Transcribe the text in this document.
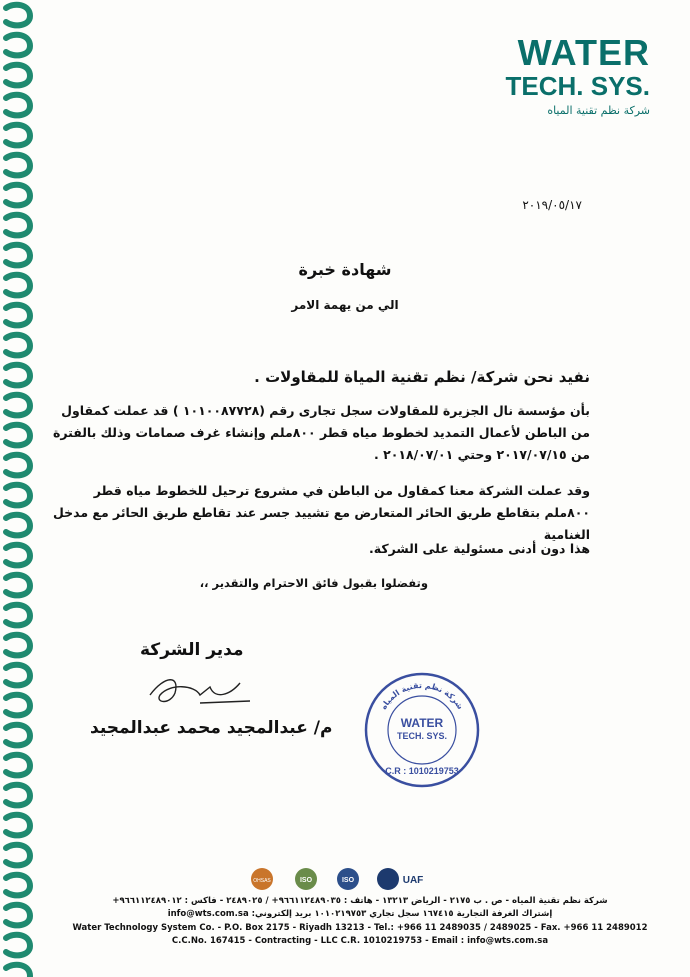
WATER
TECH. SYS.
شركة نظم تقنية المياه
٢٠١٩/٠٥/١٧
شهادة خبرة
الي من يهمة الامر
نفيد نحن شركة/ نظم تقنية المياة للمقاولات .
بأن مؤسسة نال الجزيرة للمقاولات سجل تجارى رقم (١٠١٠٠٨٧٧٢٨ ) قد عملت كمقاول من الباطن لأعمال التمديد لخطوط مياه قطر ٨٠٠ملم وإنشاء غرف صمامات وذلك بالفترة من ٢٠١٧/٠٧/١٥ وحتي ٢٠١٨/٠٧/٠١ .
وقد عملت الشركة معنا كمقاول من الباطن في مشروع ترحيل للخطوط مياه قطر ٨٠٠ملم بتقاطع طريق الحائر المتعارض مع تشييد جسر عند تقاطع طريق الحائر مع مدخل الغنامية
هذا دون أدنى مسئولية على الشركة.
وتفضلوا بقبول فائق الاحترام والتقدير ،،
مدير الشركة
م/ عبدالمجيد محمد عبدالمجيد
شركة نظم تقنية المياه
WATER
TECH. SYS.
C.R : 1010219753
OHSAS	ISO	ISO	UAF
شركة نظم تقنية المياه - ص . ب ٢١٧٥ - الرياض ١٣٢١٣ - هاتف : ٩٦٦١١٢٤٨٩٠٣٥+ / ٢٤٨٩٠٢٥ - فاكس : ٩٦٦١١٢٤٨٩٠١٢+
إشتراك الغرفة التجارية ١٦٧٤١٥ سجل تجاري ١٠١٠٢١٩٧٥٣ بريد إلكتروني: info@wts.com.sa
Water Technology System Co. - P.O. Box 2175 - Riyadh 13213 - Tel.: +966 11 2489035 / 2489025 - Fax. +966 11 2489012
C.C.No. 167415 - Contracting - LLC C.R. 1010219753 - Email : info@wts.com.sa
